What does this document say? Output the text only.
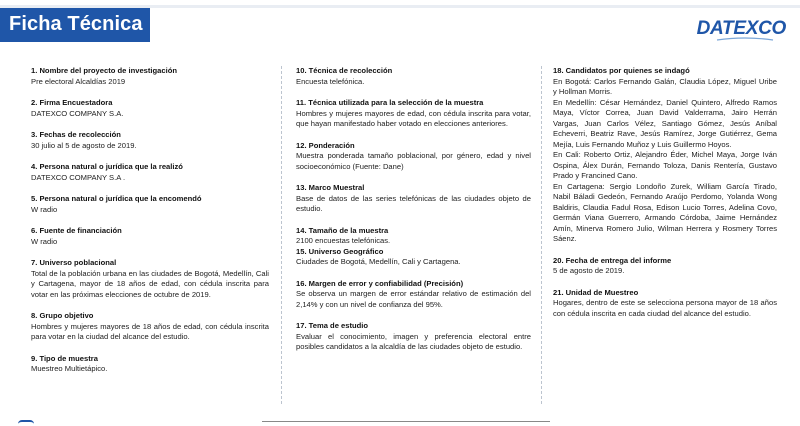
Ficha Técnica	DATEXCO
1. Nombre del proyecto de investigación

Pre electoral Alcaldías 2019

2. Firma Encuestadora

DATEXCO COMPANY S.A.

3. Fechas de recolección

30 julio al 5 de agosto de 2019.

4. Persona natural o jurídica que la realizó

DATEXCO COMPANY S.A .

5. Persona natural o jurídica que la encomendó

W radio

6. Fuente de financiación

W radio

7. Universo poblacional

Total de la población urbana en las ciudades de Bogotá, Medellín, Cali y Cartagena, mayor de 18 años de edad, con cédula inscrita para votar en las próximas elecciones de octubre de 2019.

8. Grupo objetivo

Hombres y mujeres mayores de 18 años de edad, con cédula inscrita para votar en la ciudad del alcance del estudio.

9. Tipo de muestra

Muestreo Multietápico.

10. Técnica de recolección

Encuesta telefónica.

11. Técnica utilizada para la selección de la muestra

Hombres y mujeres mayores de edad, con cédula inscrita para votar, que hayan manifestado haber votado en elecciones anteriores.

12. Ponderación

Muestra ponderada tamaño poblacional, por género, edad y nivel socioeconómico (Fuente: Dane)

13. Marco Muestral

Base de datos de las series telefónicas de las ciudades objeto de estudio.

14. Tamaño de la muestra

2100 encuestas telefónicas.

15. Universo Geográfico

Ciudades de Bogotá, Medellín, Cali y Cartagena.

16. Margen de error y confiabilidad (Precisión)

Se observa un margen de error estándar relativo de estimación del 2,14% y con un nivel de confianza del 95%.

17. Tema de estudio

Evaluar el conocimiento, imagen y preferencia electoral entre posibles candidatos a la alcaldía de las ciudades objeto de estudio.

18. Candidatos por quienes se indagó

En Bogotá: Carlos Fernando Galán, Claudia López, Miguel Uribe y Hollman Morris.

En Medellín: César Hernández, Daniel Quintero, Alfredo Ramos Maya, Víctor Correa, Juan David Valderrama, Jairo Herrán Vargas, Juan Carlos Vélez, Santiago Gómez, Jesús Aníbal Echeverri, Beatriz Rave, Jesús Ramírez, Jorge Gutiérrez, Gema Mejía, Luis Fernando Muñoz y Luis Guillermo Hoyos.

En Cali: Roberto Ortiz, Alejandro Éder, Michel Maya, Jorge Iván Ospina, Álex Durán, Fernando Toloza, Danis Rentería, Gustavo Prado y Francined Cano.

En Cartagena: Sergio Londoño Zurek, William García Tirado, Nabil Báladi Gedeón, Fernando Araújo Perdomo, Yolanda Wong Baldiris, Claudia Fadul Rosa, Edison Lucio Torres, Adelina Covo, Germán Viana Guerrero, Armando Córdoba, Jaime Hernández Amín, Minerva Romero Julio, Wilman Herrera y Rosmery Torres Sáenz.

20. Fecha de entrega del informe

5 de agosto de 2019.

21. Unidad de Muestreo

Hogares, dentro de este se selecciona persona mayor de 18 años con cédula inscrita en cada ciudad del alcance del estudio.
